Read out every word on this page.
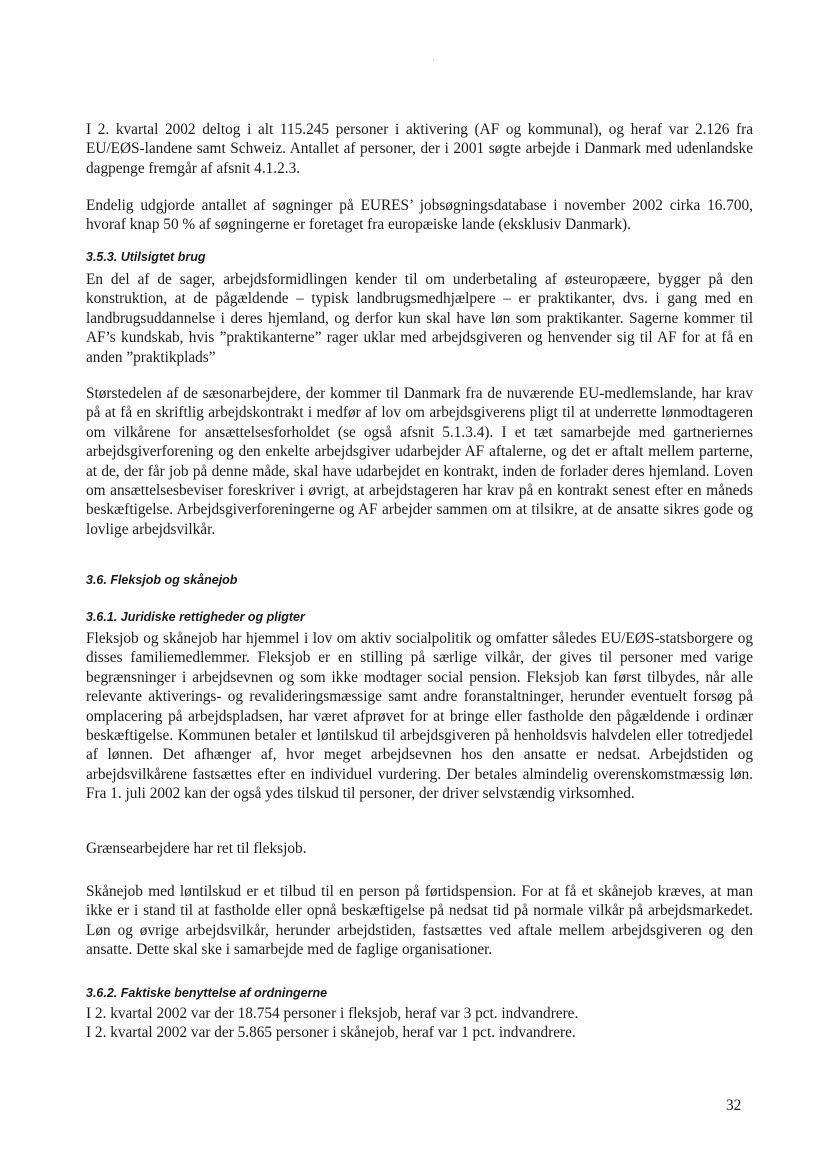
I 2. kvartal 2002 deltog i alt 115.245 personer i aktivering (AF og kommunal), og heraf var 2.126 fra EU/EØS-landene samt Schweiz. Antallet af personer, der i 2001 søgte arbejde i Danmark med udenlandske dagpenge fremgår af afsnit 4.1.2.3.

Endelig udgjorde antallet af søgninger på EURES’ jobsøgningsdatabase i november 2002 cirka 16.700, hvoraf knap 50 % af søgningerne er foretaget fra europæiske lande (eksklusiv Danmark).

3.5.3. Utilsigtet brug

En del af de sager, arbejdsformidlingen kender til om underbetaling af østeuropæere, bygger på den konstruktion, at de pågældende – typisk landbrugsmedhjælpere – er praktikanter, dvs. i gang med en landbrugsuddannelse i deres hjemland, og derfor kun skal have løn som praktikanter. Sagerne kommer til AF’s kundskab, hvis ”praktikanterne” rager uklar med arbejdsgiveren og henvender sig til AF for at få en anden ”praktikplads”

Størstedelen af de sæsonarbejdere, der kommer til Danmark fra de nuværende EU-medlemslande, har krav på at få en skriftlig arbejdskontrakt i medfør af lov om arbejdsgiverens pligt til at underrette lønmodtageren om vilkårene for ansættelsesforholdet (se også afsnit 5.1.3.4). I et tæt samarbejde med gartneriernes arbejdsgiverforening og den enkelte arbejdsgiver udarbejder AF aftalerne, og det er aftalt mellem parterne, at de, der får job på denne måde, skal have udarbejdet en kontrakt, inden de forlader deres hjemland. Loven om ansættelsesbeviser foreskriver i øvrigt, at arbejdstageren har krav på en kontrakt senest efter en måneds beskæftigelse. Arbejdsgiverforeningerne og AF arbejder sammen om at tilsikre, at de ansatte sikres gode og lovlige arbejdsvilkår.

3.6. Fleksjob og skånejob

3.6.1. Juridiske rettigheder og pligter

Fleksjob og skånejob har hjemmel i lov om aktiv socialpolitik og omfatter således EU/EØS-statsborgere og disses familiemedlemmer. Fleksjob er en stilling på særlige vilkår, der gives til personer med varige begrænsninger i arbejdsevnen og som ikke modtager social pension. Fleksjob kan først tilbydes, når alle relevante aktiverings- og revalideringsmæssige samt andre foranstaltninger, herunder eventuelt forsøg på omplacering på arbejdspladsen, har været afprøvet for at bringe eller fastholde den pågældende i ordinær beskæftigelse. Kommunen betaler et løntilskud til arbejdsgiveren på henholdsvis halvdelen eller totredjedel af lønnen. Det afhænger af, hvor meget arbejdsevnen hos den ansatte er nedsat. Arbejdstiden og arbejdsvilkårene fastsættes efter en individuel vurdering. Der betales almindelig overenskomstmæssig løn. Fra 1. juli 2002 kan der også ydes tilskud til personer, der driver selvstændig virksomhed.

Grænsearbejdere har ret til fleksjob.

Skånejob med løntilskud er et tilbud til en person på førtidspension. For at få et skånejob kræves, at man ikke er i stand til at fastholde eller opnå beskæftigelse på nedsat tid på normale vilkår på arbejdsmarkedet. Løn og øvrige arbejdsvilkår, herunder arbejdstiden, fastsættes ved aftale mellem arbejdsgiveren og den ansatte. Dette skal ske i samarbejde med de faglige organisationer.

3.6.2. Faktiske benyttelse af ordningerne

I 2. kvartal 2002 var der 18.754 personer i fleksjob, heraf var 3 pct. indvandrere.

I 2. kvartal 2002 var der 5.865 personer i skånejob, heraf var 1 pct. indvandrere.

32
